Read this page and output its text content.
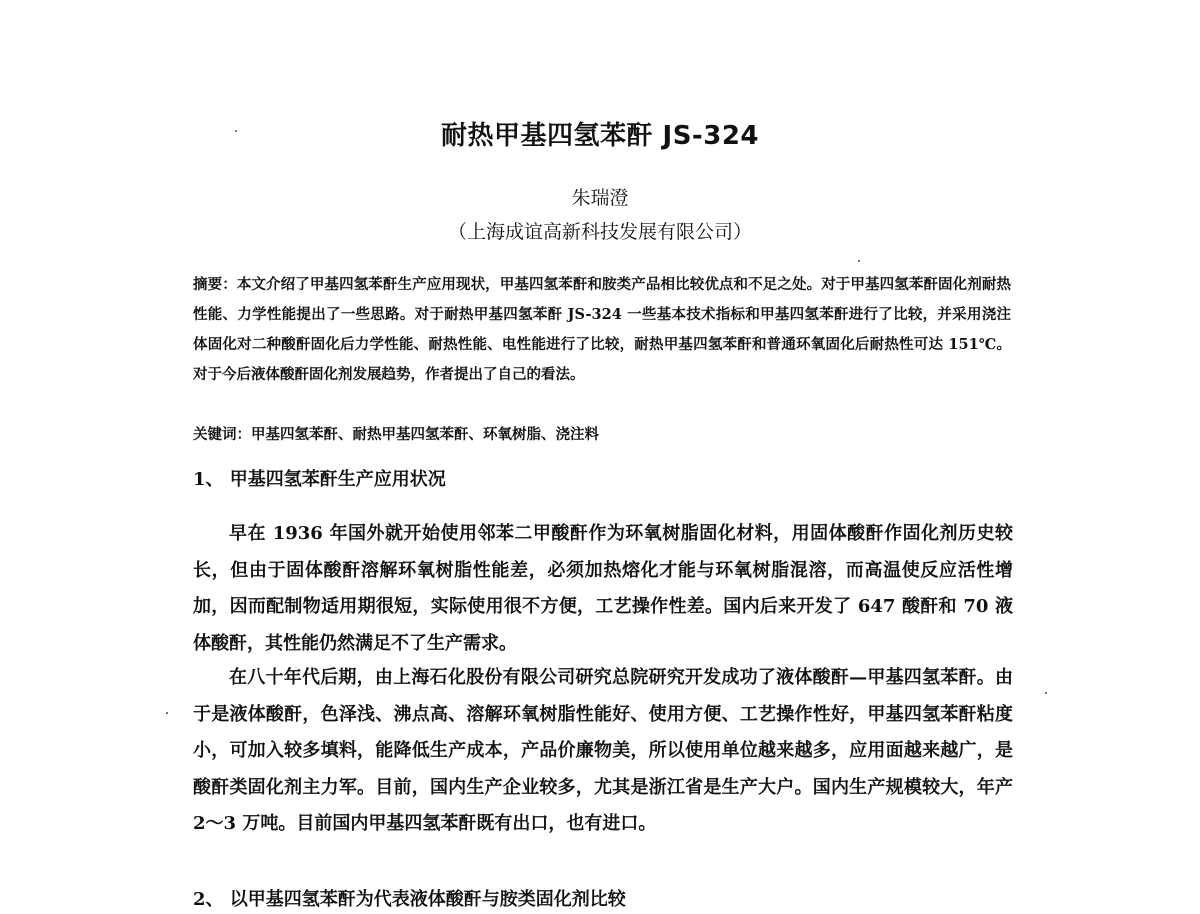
耐热甲基四氢苯酐 JS-324
朱瑞澄
（上海成谊高新科技发展有限公司）
摘要：本文介绍了甲基四氢苯酐生产应用现状，甲基四氢苯酐和胺类产品相比较优点和不足之处。对于甲基四氢苯酐固化剂耐热性能、力学性能提出了一些思路。对于耐热甲基四氢苯酐 JS-324 一些基本技术指标和甲基四氢苯酐进行了比较，并采用浇注体固化对二种酸酐固化后力学性能、耐热性能、电性能进行了比较，耐热甲基四氢苯酐和普通环氧固化后耐热性可达 151℃。对于今后液体酸酐固化剂发展趋势，作者提出了自己的看法。
关键词：甲基四氢苯酐、耐热甲基四氢苯酐、环氧树脂、浇注料
1、 甲基四氢苯酐生产应用状况
早在 1936 年国外就开始使用邻苯二甲酸酐作为环氧树脂固化材料，用固体酸酐作固化剂历史较长，但由于固体酸酐溶解环氧树脂性能差，必须加热熔化才能与环氧树脂混溶，而高温使反应活性增加，因而配制物适用期很短，实际使用很不方便，工艺操作性差。国内后来开发了 647 酸酐和 70 液体酸酐，其性能仍然满足不了生产需求。
在八十年代后期，由上海石化股份有限公司研究总院研究开发成功了液体酸酐—甲基四氢苯酐。由于是液体酸酐，色泽浅、沸点高、溶解环氧树脂性能好、使用方便、工艺操作性好，甲基四氢苯酐粘度小，可加入较多填料，能降低生产成本，产品价廉物美，所以使用单位越来越多，应用面越来越广，是酸酐类固化剂主力军。目前，国内生产企业较多，尤其是浙江省是生产大户。国内生产规模较大，年产 2～3 万吨。目前国内甲基四氢苯酐既有出口，也有进口。
2、 以甲基四氢苯酐为代表液体酸酐与胺类固化剂比较
